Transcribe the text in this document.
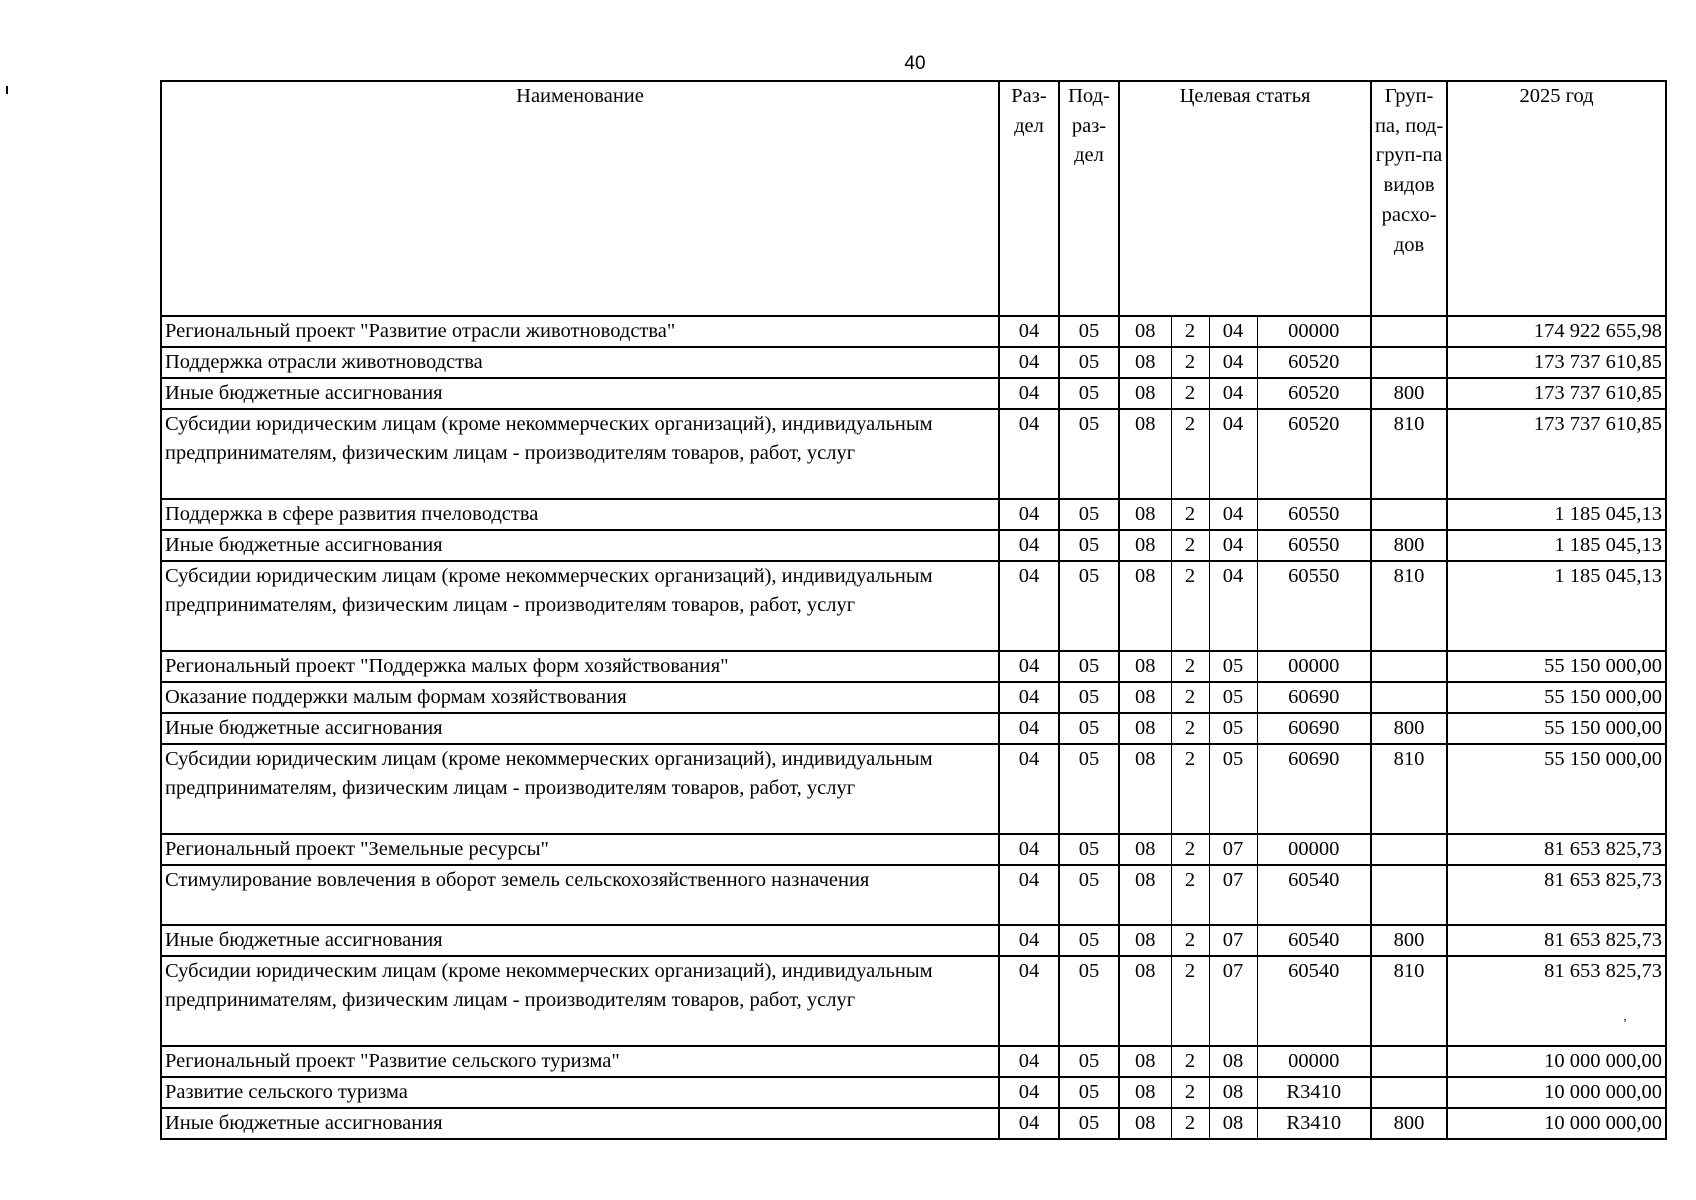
40
Наименование	Раз-дел	Под-раз-дел	Целевая статья				Груп-па, под-груп-па видов расхо-дов	2025 год
Региональный проект "Развитие отрасли животноводства"	04	05	08	2	04	00000		174 922 655,98
Поддержка отрасли животноводства	04	05	08	2	04	60520		173 737 610,85
Иные бюджетные ассигнования	04	05	08	2	04	60520	800	173 737 610,85
Субсидии юридическим лицам (кроме некоммерческих организаций), индивидуальным предпринимателям, физическим лицам - производителям товаров, работ, услуг	04	05	08	2	04	60520	810	173 737 610,85
Поддержка в сфере развития пчеловодства	04	05	08	2	04	60550		1 185 045,13
Иные бюджетные ассигнования	04	05	08	2	04	60550	800	1 185 045,13
Субсидии юридическим лицам (кроме некоммерческих организаций), индивидуальным предпринимателям, физическим лицам - производителям товаров, работ, услуг	04	05	08	2	04	60550	810	1 185 045,13
Региональный проект "Поддержка малых форм хозяйствования"	04	05	08	2	05	00000		55 150 000,00
Оказание поддержки малым формам хозяйствования	04	05	08	2	05	60690		55 150 000,00
Иные бюджетные ассигнования	04	05	08	2	05	60690	800	55 150 000,00
Субсидии юридическим лицам (кроме некоммерческих организаций), индивидуальным предпринимателям, физическим лицам - производителям товаров, работ, услуг	04	05	08	2	05	60690	810	55 150 000,00
Региональный проект "Земельные ресурсы"	04	05	08	2	07	00000		81 653 825,73
Стимулирование вовлечения в оборот земель сельскохозяйственного назначения	04	05	08	2	07	60540		81 653 825,73
Иные бюджетные ассигнования	04	05	08	2	07	60540	800	81 653 825,73
Субсидии юридическим лицам (кроме некоммерческих организаций), индивидуальным предпринимателям, физическим лицам - производителям товаров, работ, услуг	04	05	08	2	07	60540	810	81 653 825,73
Региональный проект "Развитие сельского туризма"	04	05	08	2	08	00000		10 000 000,00
Развитие сельского туризма	04	05	08	2	08	R3410		10 000 000,00
Иные бюджетные ассигнования	04	05	08	2	08	R3410	800	10 000 000,00
ʼ
